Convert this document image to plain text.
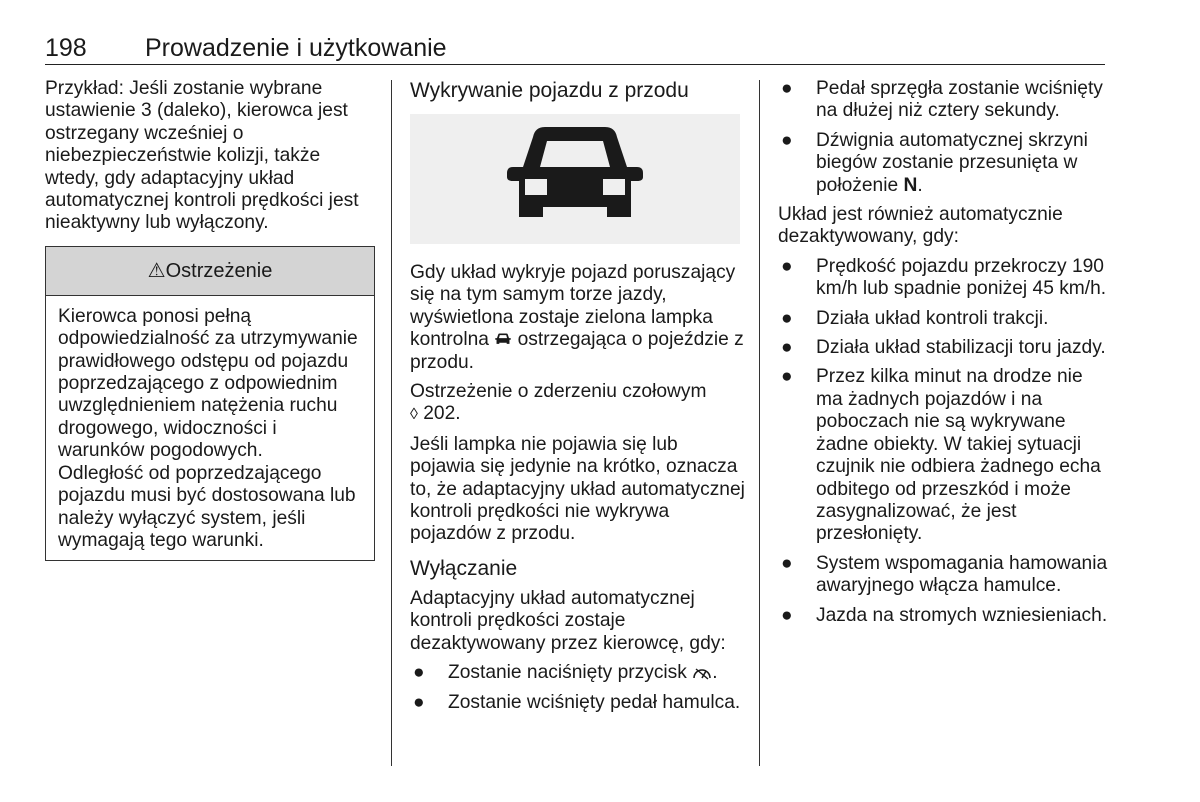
198 Prowadzenie i użytkowanie

Przykład: Jeśli zostanie wybrane ustawienie 3 (daleko), kierowca jest ostrzegany wcześniej o niebezpieczeństwie kolizji, także wtedy, gdy adaptacyjny układ automatycznej kontroli prędkości jest nieaktywny lub wyłączony.

⚠Ostrzeżenie

Kierowca ponosi pełną odpowiedzialność za utrzymywanie prawidłowego odstępu od pojazdu poprzedzającego z odpowiednim uwzględnieniem natężenia ruchu drogowego, widoczności i warunków pogodowych.

Odległość od poprzedzającego pojazdu musi być dostosowana lub należy wyłączyć system, jeśli wymagają tego warunki.

Wykrywanie pojazdu z przodu

Gdy układ wykryje pojazd poruszający się na tym samym torze jazdy, wyświetlona zostaje zielona lampka kontrolna ostrzegająca o pojeździe z przodu.

Ostrzeżenie o zderzeniu czołowym
◊ 202.

Jeśli lampka nie pojawia się lub pojawia się jedynie na krótko, oznacza to, że adaptacyjny układ automatycznej kontroli prędkości nie wykrywa pojazdów z przodu.

Wyłączanie

Adaptacyjny układ automatycznej kontroli prędkości zostaje dezaktywowany przez kierowcę, gdy:

● Zostanie naciśnięty przycisk .
● Zostanie wciśnięty pedał hamulca.
● Pedał sprzęgła zostanie wciśnięty na dłużej niż cztery sekundy.
● Dźwignia automatycznej skrzyni biegów zostanie przesunięta w położenie N.

Układ jest również automatycznie dezaktywowany, gdy:

● Prędkość pojazdu przekroczy 190 km/h lub spadnie poniżej 45 km/h.
● Działa układ kontroli trakcji.
● Działa układ stabilizacji toru jazdy.
● Przez kilka minut na drodze nie ma żadnych pojazdów i na poboczach nie są wykrywane żadne obiekty. W takiej sytuacji czujnik nie odbiera żadnego echa odbitego od przeszkód i może zasygnalizować, że jest przesłonięty.
● System wspomagania hamowania awaryjnego włącza hamulce.
● Jazda na stromych wzniesieniach.
